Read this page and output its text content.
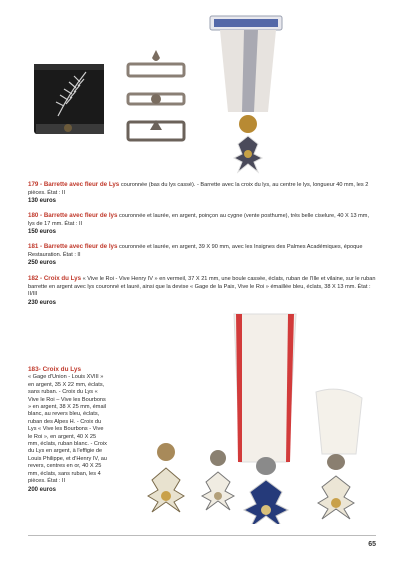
179 - Barrette avec fleur de Lys couronnée (bas du lys cassé). - Barrette avec la croix du lys, au centre le lys, longueur 40 mm, les 2 pièces. État : II
130 euros
180 - Barrette avec fleur de lys couronnée et laurée, en argent, poinçon au cygne (vente posthume), très belle ciselure, 40 X 13 mm, lys de 17 mm. État : II
150 euros
181 - Barrette avec fleur de lys couronnée et laurée, en argent, 39 X 90 mm, avec les Insignes des Palmes Académiques, époque Restauration. État : II
250 euros
182 - Croix du Lys « Vive le Roi - Vive Henry IV » en vermeil, 37 X 21 mm, une boule cassée, éclats, ruban de l'Ille et vilaine, sur le ruban barrette en argent avec lys couronné et lauré, ainsi que la devise « Gage de la Paix, Vive le Roi » émaillée bleu, éclats, 38 X 13 mm. État : II/III
230 euros
183- Croix du Lys
« Gage d'Union - Louis XVIII » en argent, 35 X 22 mm, éclats, sans ruban. - Croix du Lys « Vive le Roi – Vive les Bourbons » en argent, 38 X 25 mm, émail blanc, au revers bleu, éclats, ruban des Alpes H. - Croix du Lys « Vive les Bourbons - Vive le Roi », en argent, 40 X 25 mm, éclats, ruban blanc. - Croix du Lys en argent, à l'effigie de Louis Philippe, et d'Henry IV, au revers, centres en or, 40 X 25 mm, éclats, sans ruban, les 4 pièces. État : II
200 euros
65
